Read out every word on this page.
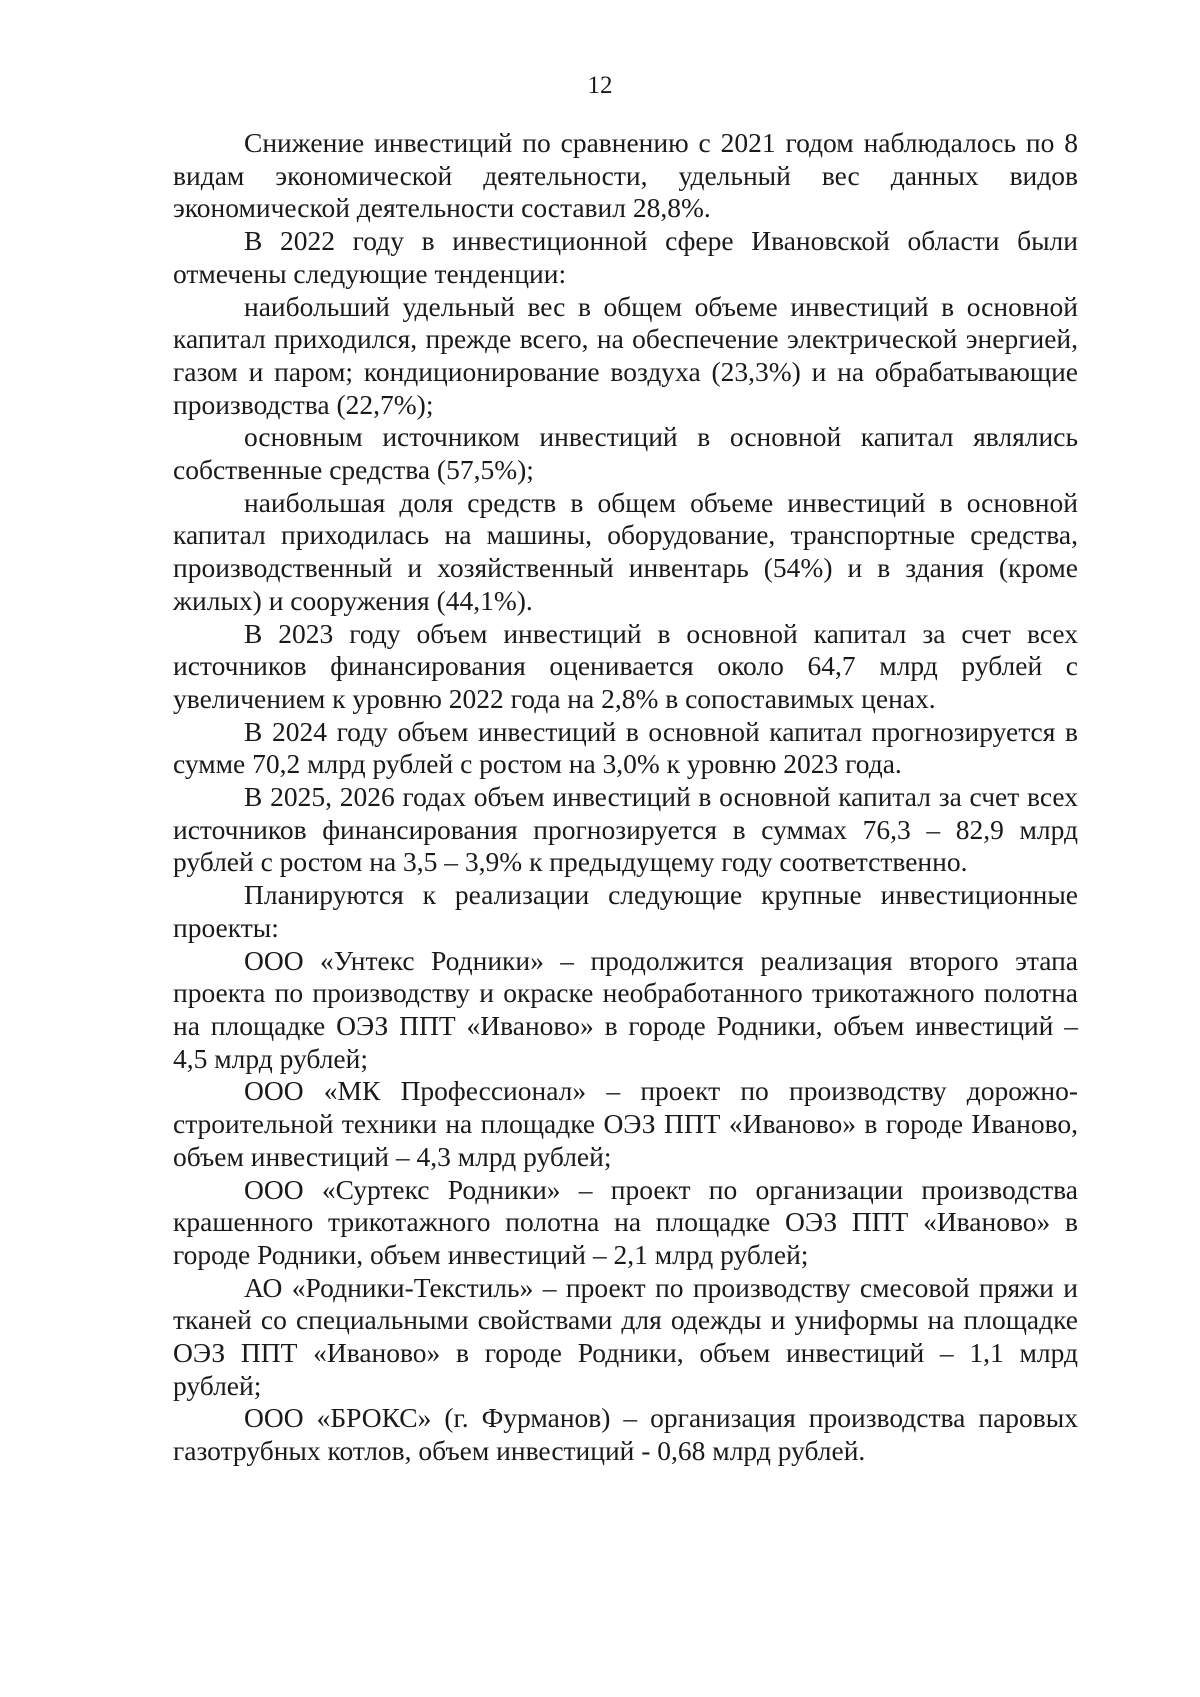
12

Снижение инвестиций по сравнению с 2021 годом наблюдалось по 8 видам экономической деятельности, удельный вес данных видов экономической деятельности составил 28,8%.

В 2022 году в инвестиционной сфере Ивановской области были отмечены следующие тенденции:

наибольший удельный вес в общем объеме инвестиций в основной капитал приходился, прежде всего, на обеспечение электрической энергией, газом и паром; кондиционирование воздуха (23,3%) и на обрабатывающие производства (22,7%);

основным источником инвестиций в основной капитал являлись собственные средства (57,5%);

наибольшая доля средств в общем объеме инвестиций в основной капитал приходилась на машины, оборудование, транспортные средства, производственный и хозяйственный инвентарь (54%) и в здания (кроме жилых) и сооружения (44,1%).

В 2023 году объем инвестиций в основной капитал за счет всех источников финансирования оценивается около 64,7 млрд рублей с увеличением к уровню 2022 года на 2,8% в сопоставимых ценах.

В 2024 году объем инвестиций в основной капитал прогнозируется в сумме 70,2 млрд рублей с ростом на 3,0% к уровню 2023 года.

В 2025, 2026 годах объем инвестиций в основной капитал за счет всех источников финансирования прогнозируется в суммах 76,3 – 82,9 млрд рублей с ростом на 3,5 – 3,9% к предыдущему году соответственно.

Планируются к реализации следующие крупные инвестиционные проекты:

ООО «Унтекс Родники» – продолжится реализация второго этапа проекта по производству и окраске необработанного трикотажного полотна на площадке ОЭЗ ППТ «Иваново» в городе Родники, объем инвестиций – 4,5 млрд рублей;

ООО «МК Профессионал» – проект по производству дорожно-строительной техники на площадке ОЭЗ ППТ «Иваново» в городе Иваново, объем инвестиций – 4,3 млрд рублей;

ООО «Суртекс Родники» – проект по организации производства крашенного трикотажного полотна на площадке ОЭЗ ППТ «Иваново» в городе Родники, объем инвестиций – 2,1 млрд рублей;

АО «Родники-Текстиль» – проект по производству смесовой пряжи и тканей со специальными свойствами для одежды и униформы на площадке ОЭЗ ППТ «Иваново» в городе Родники, объем инвестиций – 1,1 млрд рублей;

ООО «БРОКС» (г. Фурманов) – организация производства паровых газотрубных котлов, объем инвестиций - 0,68 млрд рублей.
